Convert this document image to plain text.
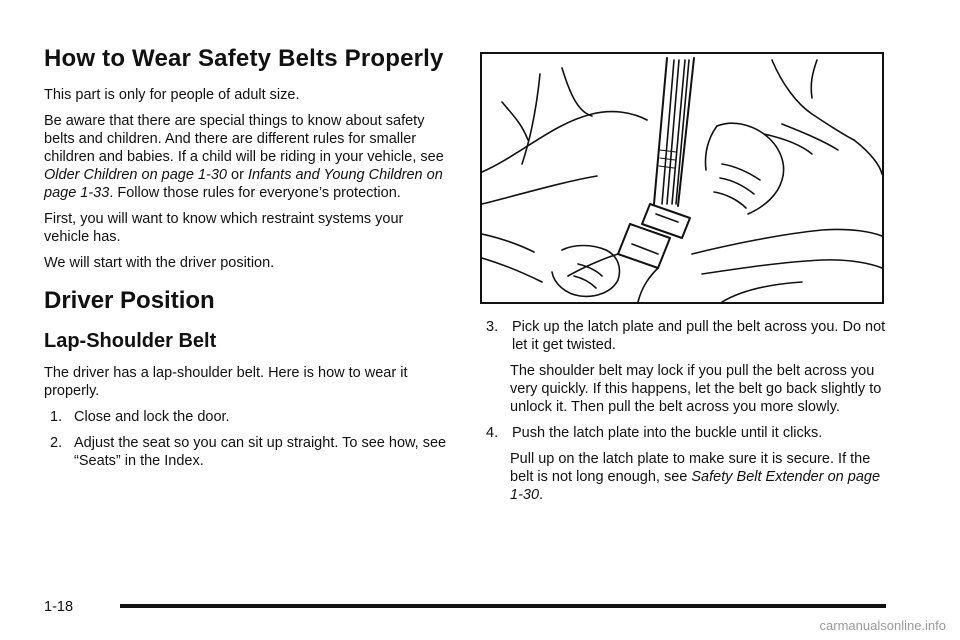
How to Wear Safety Belts Properly

This part is only for people of adult size.

Be aware that there are special things to know about safety belts and children. And there are different rules for smaller children and babies. If a child will be riding in your vehicle, see Older Children on page 1-30 or Infants and Young Children on page 1-33. Follow those rules for everyone’s protection.

First, you will want to know which restraint systems your vehicle has.

We will start with the driver position.

Driver Position
Lap-Shoulder Belt

The driver has a lap-shoulder belt. Here is how to wear it properly.

1. Close and lock the door.
2. Adjust the seat so you can sit up straight. To see how, see “Seats” in the Index.
3. Pick up the latch plate and pull the belt across you. Do not let it get twisted.

The shoulder belt may lock if you pull the belt across you very quickly. If this happens, let the belt go back slightly to unlock it. Then pull the belt across you more slowly.

4. Push the latch plate into the buckle until it clicks.

Pull up on the latch plate to make sure it is secure. If the belt is not long enough, see Safety Belt Extender on page 1-30.

1-18
carmanualsonline.info
